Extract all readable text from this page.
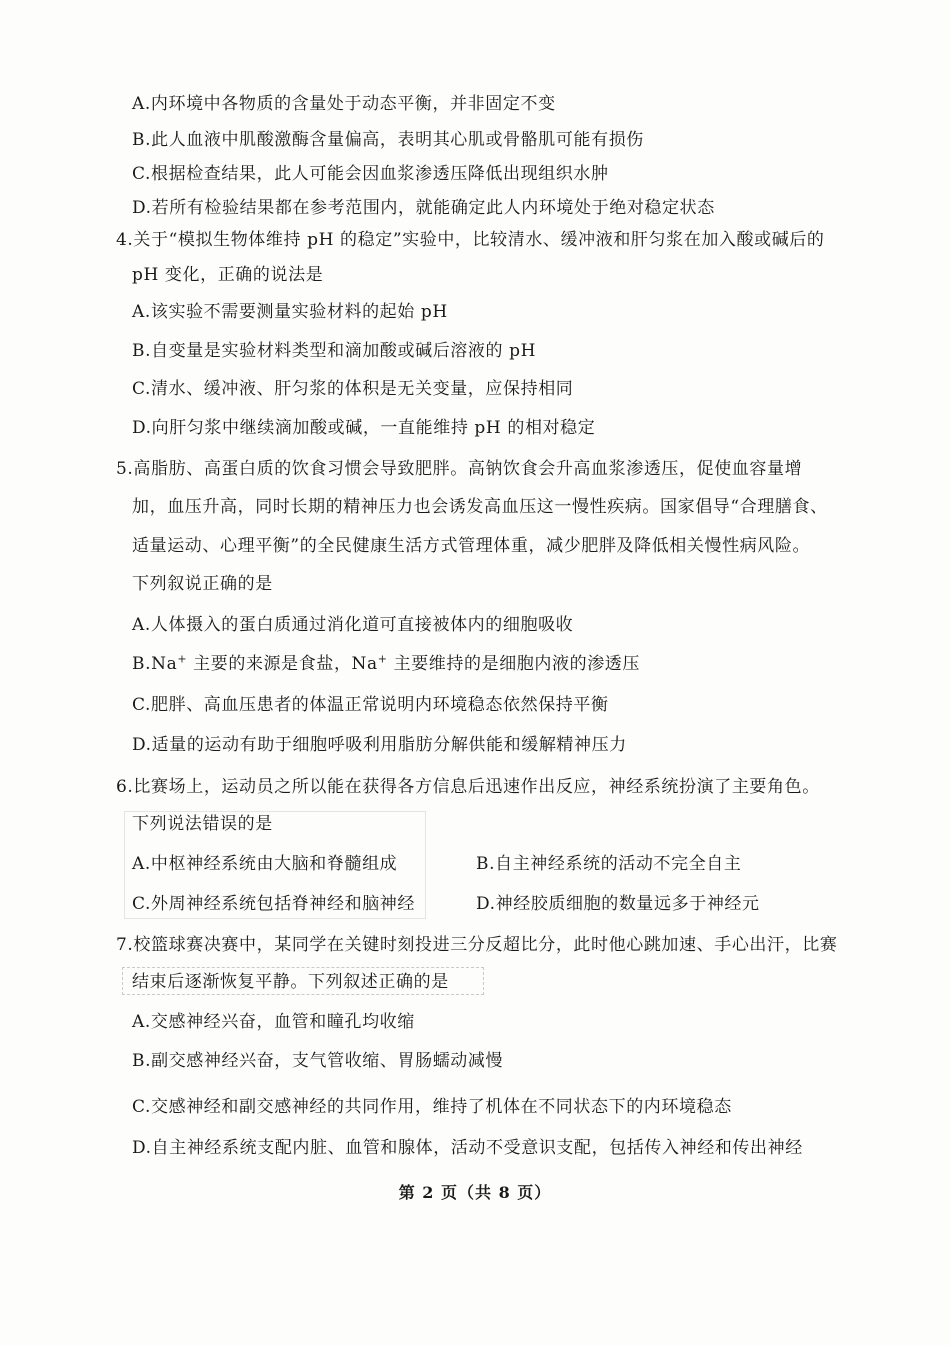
A.内环境中各物质的含量处于动态平衡，并非固定不变
B.此人血液中肌酸激酶含量偏高，表明其心肌或骨骼肌可能有损伤
C.根据检查结果，此人可能会因血浆渗透压降低出现组织水肿
D.若所有检验结果都在参考范围内，就能确定此人内环境处于绝对稳定状态
4.关于“模拟生物体维持 pH 的稳定”实验中，比较清水、缓冲液和肝匀浆在加入酸或碱后的
pH 变化，正确的说法是
A.该实验不需要测量实验材料的起始 pH
B.自变量是实验材料类型和滴加酸或碱后溶液的 pH
C.清水、缓冲液、肝匀浆的体积是无关变量，应保持相同
D.向肝匀浆中继续滴加酸或碱，一直能维持 pH 的相对稳定
5.高脂肪、高蛋白质的饮食习惯会导致肥胖。高钠饮食会升高血浆渗透压，促使血容量增
加，血压升高，同时长期的精神压力也会诱发高血压这一慢性疾病。国家倡导“合理膳食、
适量运动、心理平衡”的全民健康生活方式管理体重，减少肥胖及降低相关慢性病风险。
下列叙说正确的是
A.人体摄入的蛋白质通过消化道可直接被体内的细胞吸收
B.Na+ 主要的来源是食盐，Na+ 主要维持的是细胞内液的渗透压
C.肥胖、高血压患者的体温正常说明内环境稳态依然保持平衡
D.适量的运动有助于细胞呼吸利用脂肪分解供能和缓解精神压力
6.比赛场上，运动员之所以能在获得各方信息后迅速作出反应，神经系统扮演了主要角色。
下列说法错误的是
A.中枢神经系统由大脑和脊髓组成	B.自主神经系统的活动不完全自主
C.外周神经系统包括脊神经和脑神经	D.神经胶质细胞的数量远多于神经元
7.校篮球赛决赛中，某同学在关键时刻投进三分反超比分，此时他心跳加速、手心出汗，比赛
结束后逐渐恢复平静。下列叙述正确的是
A.交感神经兴奋，血管和瞳孔均收缩
B.副交感神经兴奋，支气管收缩、胃肠蠕动减慢
C.交感神经和副交感神经的共同作用，维持了机体在不同状态下的内环境稳态
D.自主神经系统支配内脏、血管和腺体，活动不受意识支配，包括传入神经和传出神经
第 2 页（共 8 页）
